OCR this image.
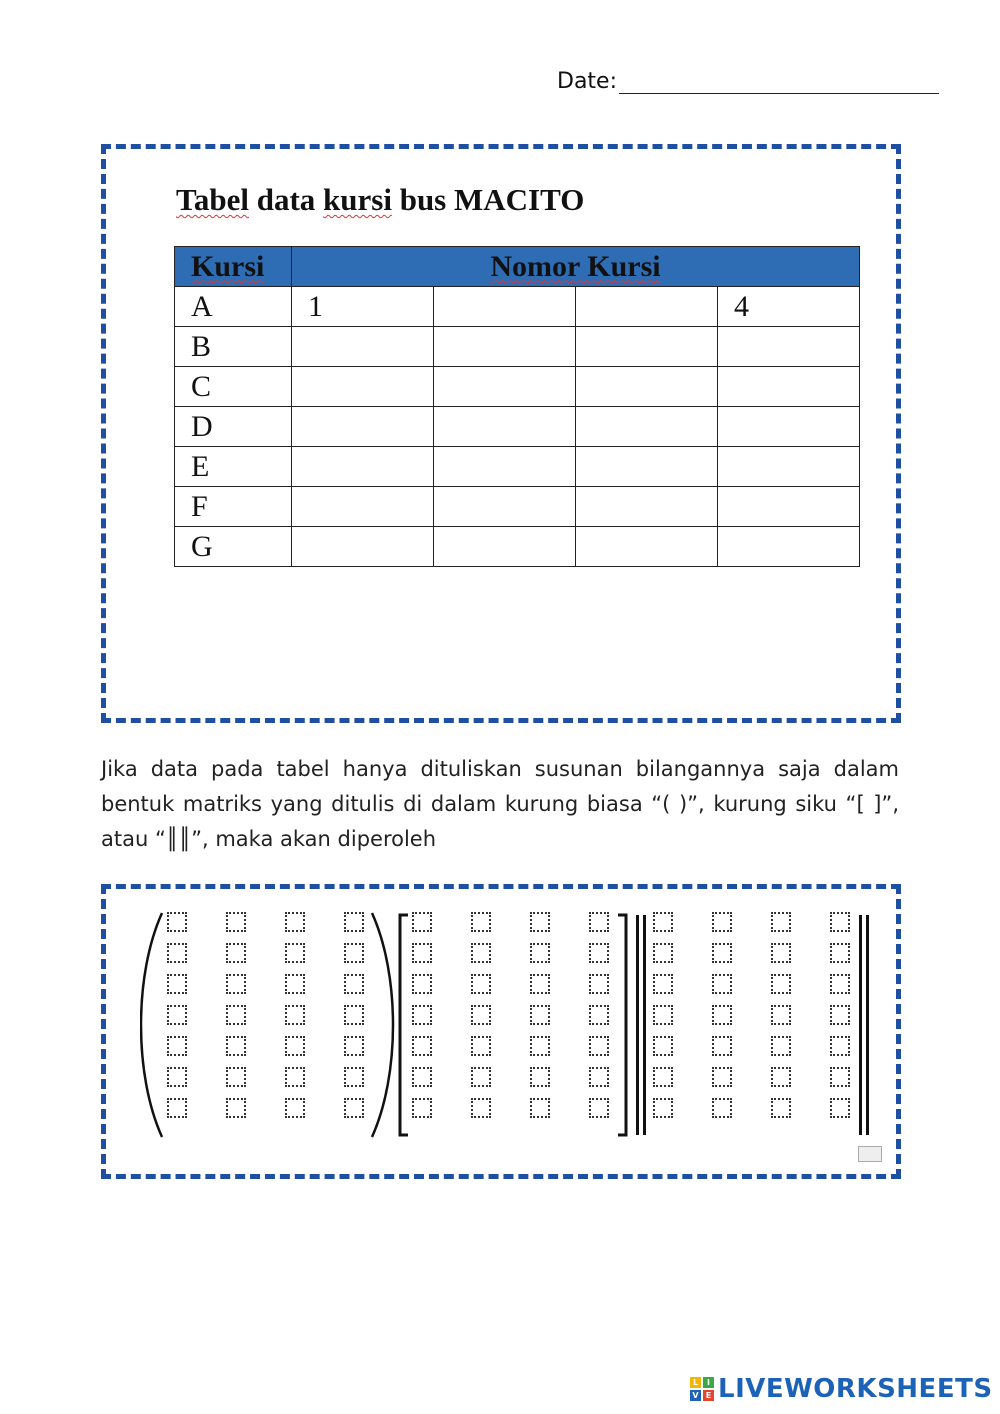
Date:
Tabel data kursi bus MACITO
Kursi	Nomor Kursi			
A	1			4
B				
C				
D				
E				
F				
G				
Jika data pada tabel hanya dituliskan susunan bilangannya saja dalam bentuk matriks yang ditulis di dalam kurung biasa “( )”, kurung siku “[ ]”, atau “║║”, maka akan diperoleh
L	I
V E LIVEWORKSHEETS
